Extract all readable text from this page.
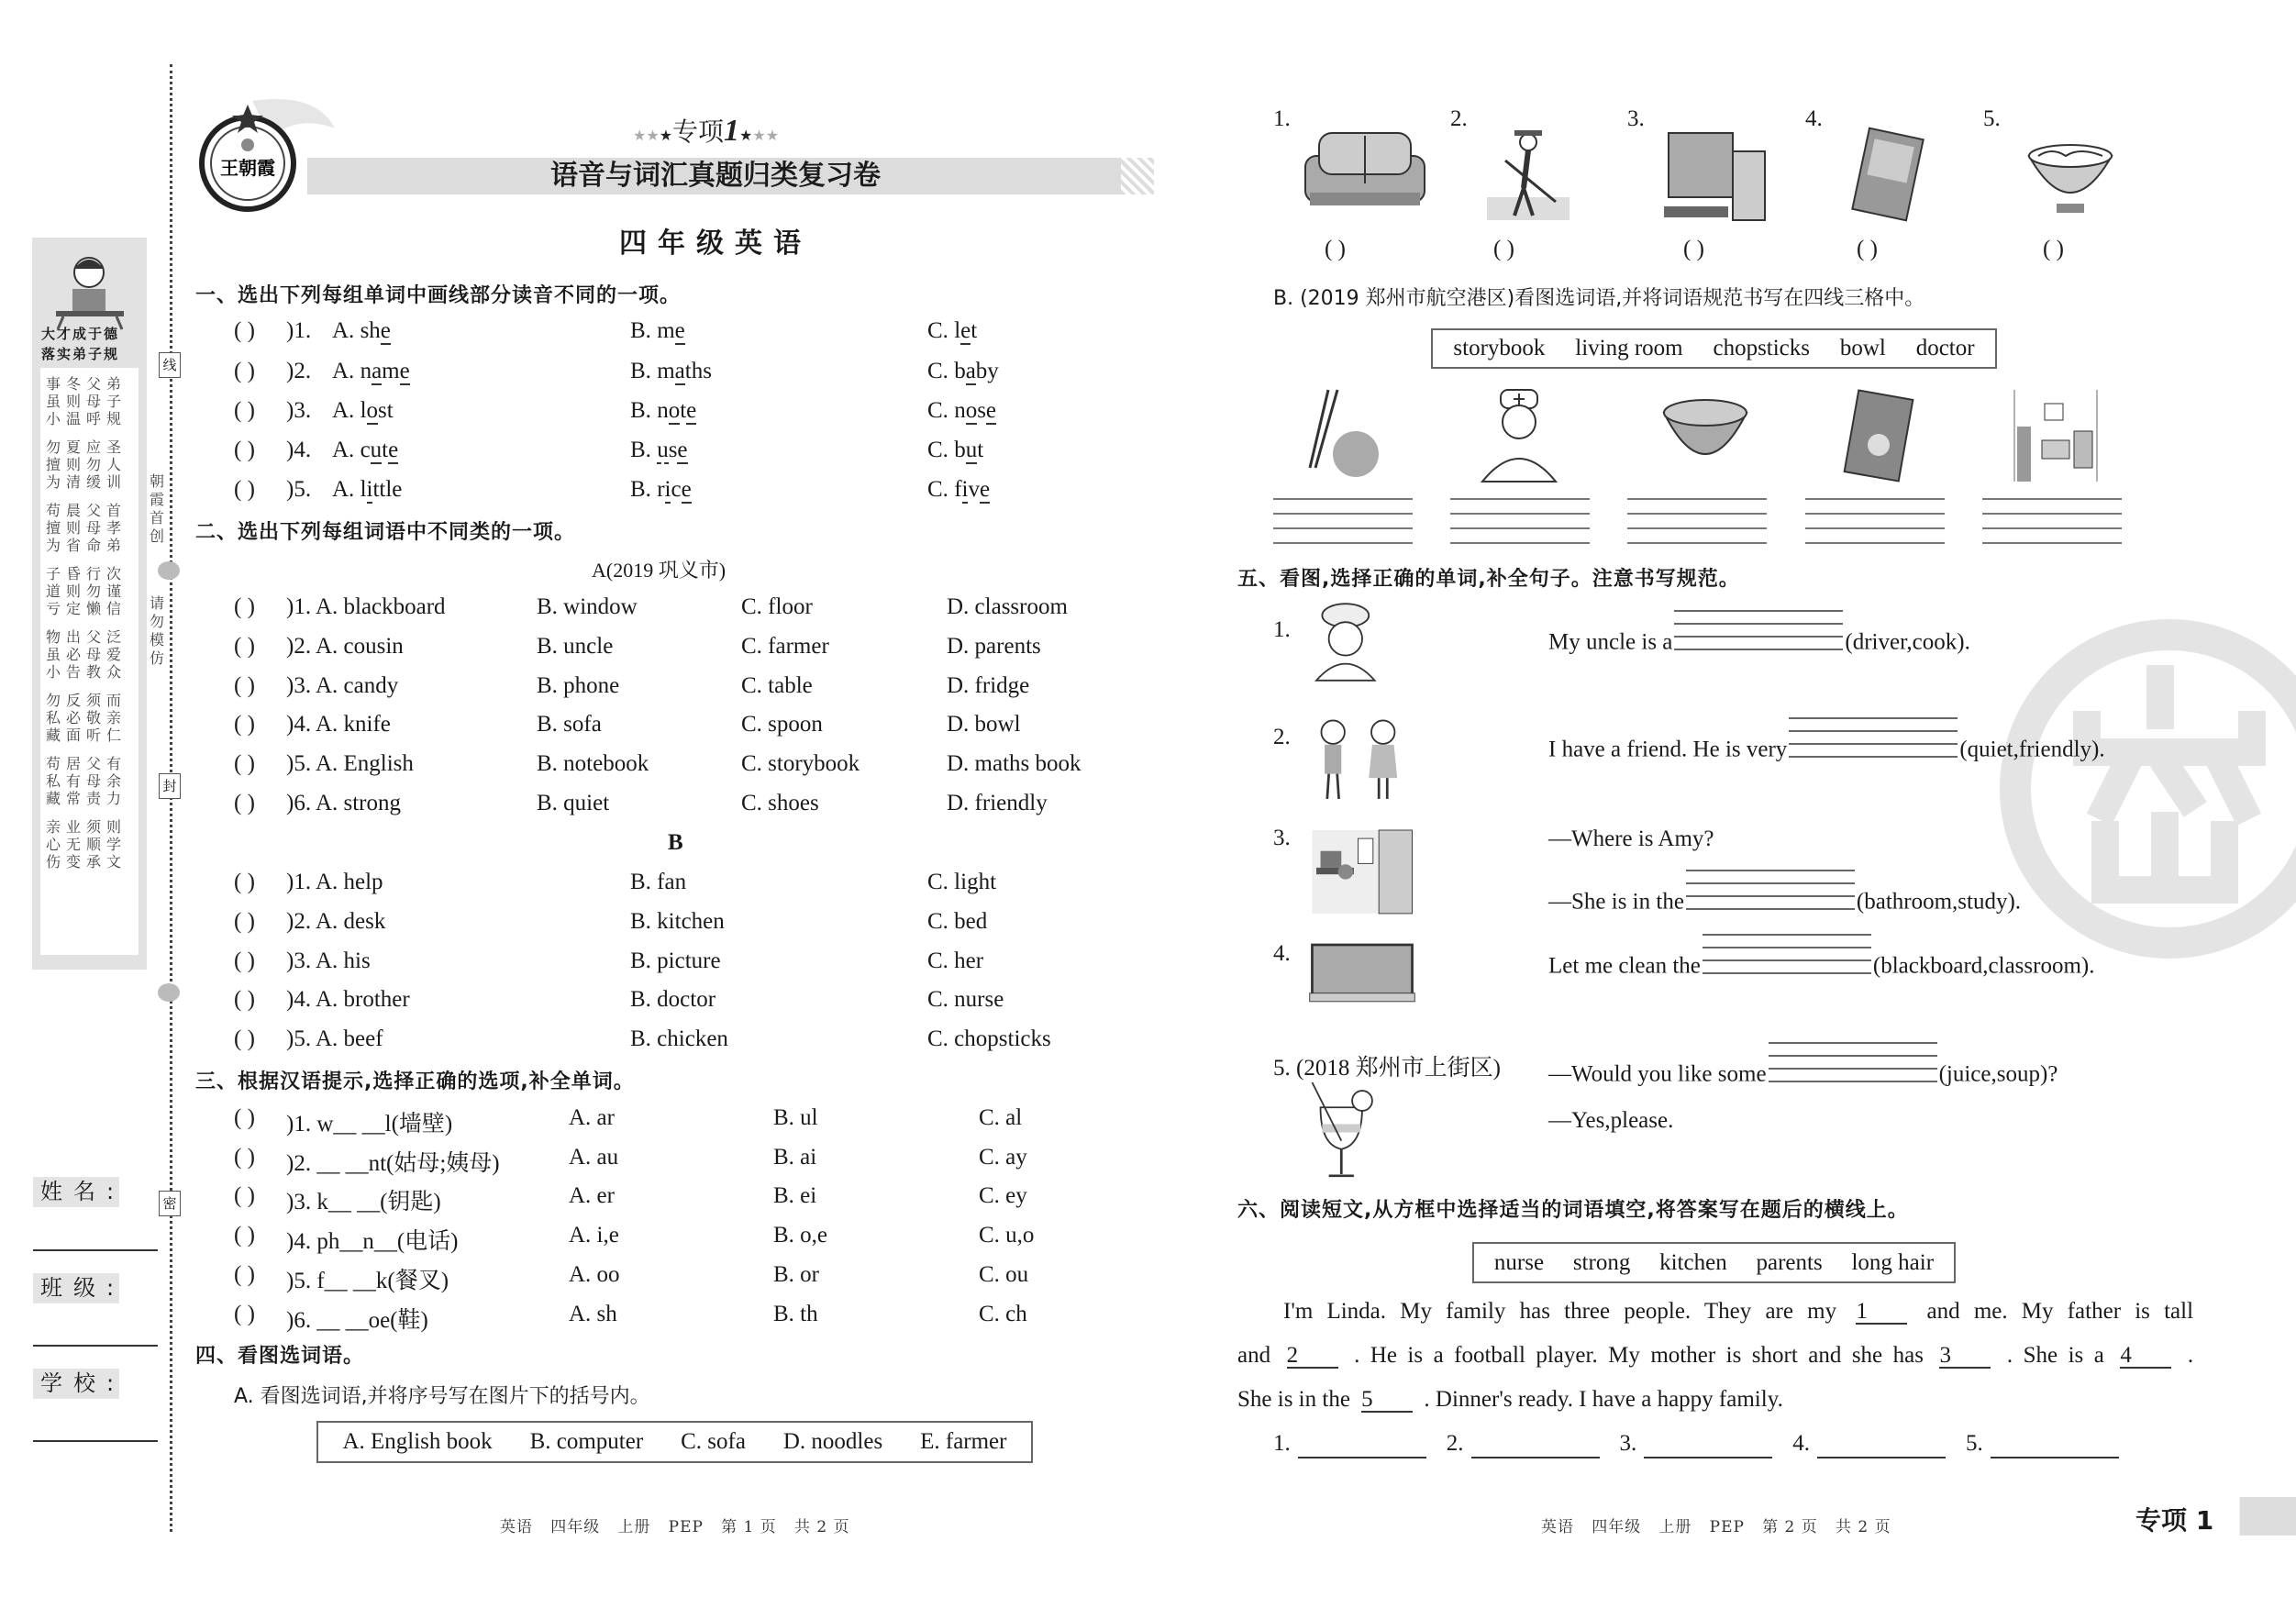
线
封
密
朝霞首创
请勿模仿
大才成于德
落实弟子规
事冬父弟
虽则母子
小温呼规
勿夏应圣
擅则勿人
为清缓训
苟晨父首
擅则母孝
为省命弟
子昏行次
道则勿谨
亏定懒信
物出父泛
虽必母爱
小告教众
勿反须而
私必敬亲
藏面听仁
苟居父有
私有母余
藏常责力
亲业须则
心无顺学
伤变承文
姓名:
班级:
学校:
王朝霞
★★★专项1★★★
语音与词汇真题归类复习卷
四年级英语
一、选出下列每组单词中画线部分读音不同的一项。
( ) )1. A. she	B. me	C. let
( ) )2. A. name	B. maths	C. baby
( ) )3. A. lost	B. note	C. nose
( ) )4. A. cute	B. use	C. but
( ) )5. A. little	B. rice	C. five
二、选出下列每组词语中不同类的一项。
A(2019 巩义市)
( ) )1. A. blackboard	B. window	C. floor	D. classroom
( ) )2. A. cousin	B. uncle	C. farmer	D. parents
( ) )3. A. candy	B. phone	C. table	D. fridge
( ) )4. A. knife	B. sofa	C. spoon	D. bowl
( ) )5. A. English	B. notebook	C. storybook	D. maths book
( ) )6. A. strong	B. quiet	C. shoes	D. friendly
B
( ) )1. A. help	B. fan	C. light
( ) )2. A. desk	B. kitchen	C. bed
( ) )3. A. his	B. picture	C. her
( ) )4. A. brother	B. doctor	C. nurse
( ) )5. A. beef	B. chicken	C. chopsticks
三、根据汉语提示,选择正确的选项,补全单词。
( ) )1. w__ __l(墙壁)	A. ar	B. ul	C. al
( ) )2. __ __nt(姑母;姨母)	A. au	B. ai	C. ay
( ) )3. k__ __(钥匙)	A. er	B. ei	C. ey
( ) )4. ph__n__(电话)	A. i,e	B. o,e	C. u,o
( ) )5. f__ __k(餐叉)	A. oo	B. or	C. ou
( ) )6. __ __oe(鞋)	A. sh	B. th	C. ch
四、看图选词语。
A. 看图选词语,并将序号写在图片下的括号内。
A. English book B. computer C. sofa D. noodles E. farmer
英语   四年级   上册   PEP   第 1 页   共 2 页
1.
( )
2.
( )
3.
( )
4.
( )
5.
( )
B. (2019 郑州市航空港区)看图选词语,并将词语规范书写在四线三格中。
storybook living room chopsticks bowl doctor
五、看图,选择正确的单词,补全句子。注意书写规范。
1.
My uncle is a	(driver,cook).
2.
I have a friend. He is very	(quiet,friendly).
3.	—Where is Amy?
—She is in the	(bathroom,study).
4.
Let me clean the	(blackboard,classroom).
5. (2018 郑州市上街区) —Would you like some	(juice,soup)?
—Yes,please.
六、阅读短文,从方框中选择适当的词语填空,将答案写在题后的横线上。
nurse strong kitchen parents long hair
I'm Linda. My family has three people. They are my 1	and me. My father is tall
and 2 . He is a football player. My mother is short and she has 3 . She is a 4 .
She is in the 5 . Dinner's ready. I have a happy family.
1.	2.	3.	4.	5.
英语   四年级   上册   PEP   第 2 页   共 2 页	专项 1
